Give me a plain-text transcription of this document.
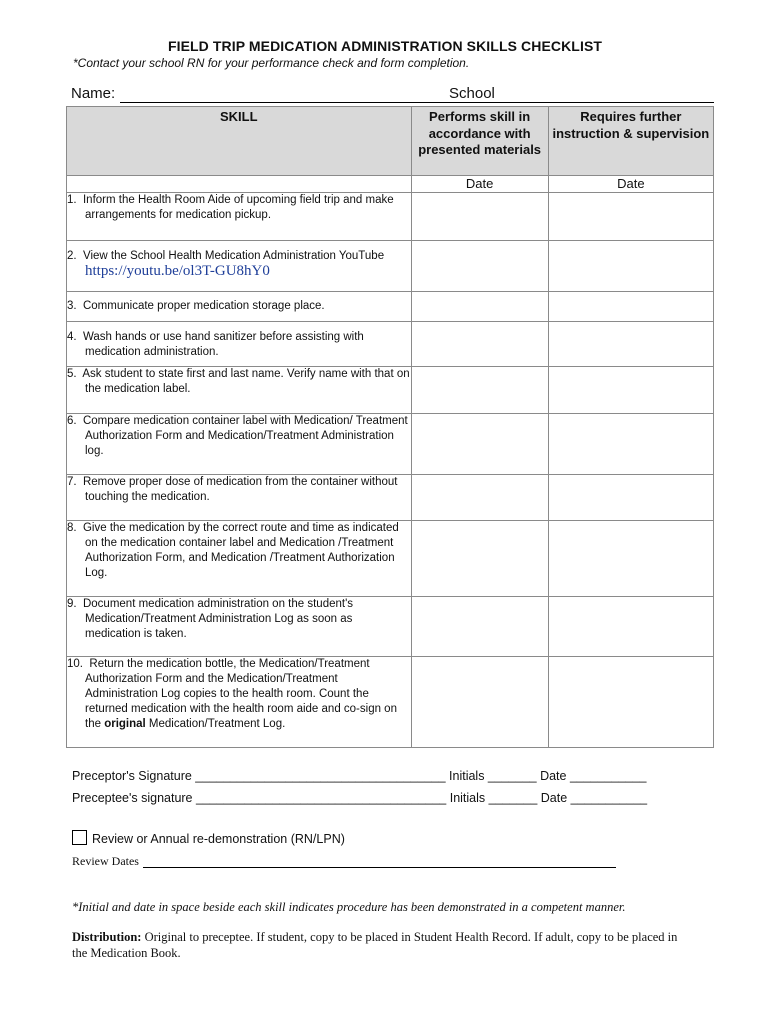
FIELD TRIP MEDICATION ADMINISTRATION SKILLS CHECKLIST
*Contact your school RN for your performance check and form completion.
Name:	School
SKILL	Performs skill in accordance with presented materials	Requires further instruction & supervision
	Date	Date

1. Inform the Health Room Aide of upcoming field trip and make arrangements for medication pickup.		

2. View the School Health Medication Administration YouTube https://youtu.be/ol3T-GU8hY0		

3. Communicate proper medication storage place.		

4. Wash hands or use hand sanitizer before assisting with medication administration.		

5. Ask student to state first and last name. Verify name with that on the medication label.		

6. Compare medication container label with Medication/ Treatment Authorization Form and Medication/Treatment Administration log.		

7. Remove proper dose of medication from the container without touching the medication.		

8. Give the medication by the correct route and time as indicated on the medication container label and Medication /Treatment Authorization Form, and Medication /Treatment Authorization Log.		

9. Document medication administration on the student's Medication/Treatment Administration Log as soon as medication is taken.		

10. Return the medication bottle, the Medication/Treatment Authorization Form and the Medication/Treatment Administration Log copies to the health room. Count the returned medication with the health room aide and co-sign on the original Medication/Treatment Log.		

Preceptor's Signature ____________________________________ Initials _______ Date ___________
Preceptee's signature ____________________________________ Initials _______ Date ___________
Review or Annual re-demonstration (RN/LPN)
Review Dates
*Initial and date in space beside each skill indicates procedure has been demonstrated in a competent manner.
Distribution: Original to preceptee. If student, copy to be placed in Student Health Record. If adult, copy to be placed in the Medication Book.
